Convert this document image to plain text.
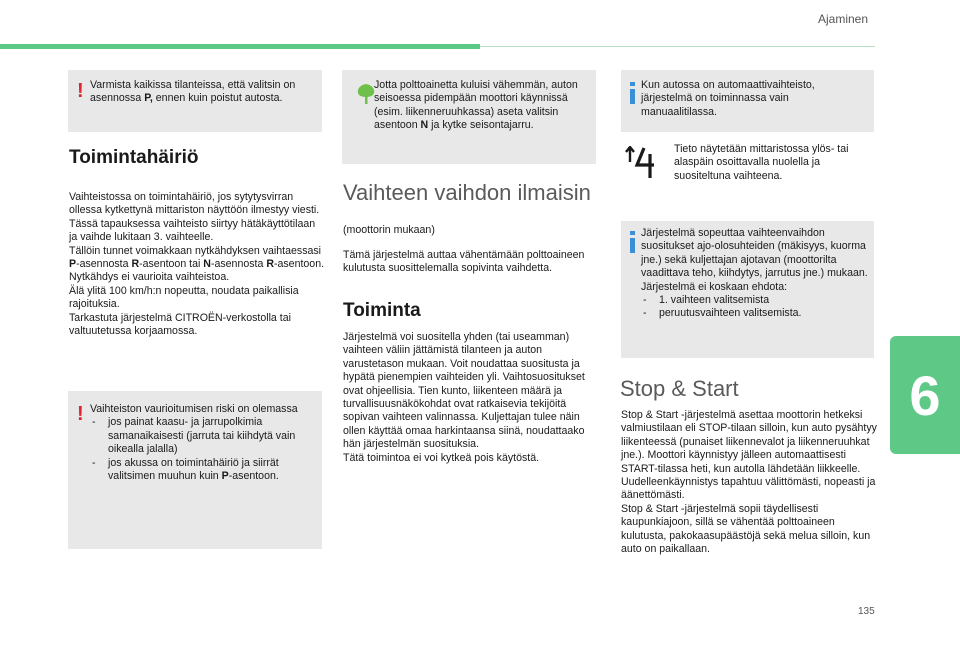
Ajaminen
6
135
! Varmista kaikissa tilanteissa, että valitsin on asennossa P, ennen kuin poistut autosta.
Toimintahäiriö
Vaihteistossa on toimintahäiriö, jos sytytysvirran ollessa kytkettynä mittariston näyttöön ilmestyy viesti.
Tässä tapauksessa vaihteisto siirtyy hätäkäyttötilaan ja vaihde lukitaan 3. vaihteelle.
Tällöin tunnet voimakkaan nytkähdyksen vaihtaessasi P-asennosta R-asentoon tai N-asennosta R-asentoon. Nytkähdys ei vaurioita vaihteistoa.
Älä ylitä 100 km/h:n nopeutta, noudata paikallisia rajoituksia.
Tarkastuta järjestelmä CITROËN-verkostolla tai valtuutetussa korjaamossa.
! Vaihteiston vaurioitumisen riski on olemassa
-	jos painat kaasu- ja jarrupolkimia samanaikaisesti (jarruta tai kiihdytä vain oikealla jalalla)
-	jos akussa on toimintahäiriö ja siirrät valitsimen muuhun kuin P-asentoon.
Jotta polttoainetta kuluisi vähemmän, auton seisoessa pidempään moottori käynnissä (esim. liikenneruuhkassa) aseta valitsin asentoon N ja kytke seisontajarru.
Vaihteen vaihdon ilmaisin
(moottorin mukaan)
Tämä järjestelmä auttaa vähentämään polttoaineen kulutusta suosittelemalla sopivinta vaihdetta.
Toiminta
Järjestelmä voi suositella yhden (tai useamman) vaihteen väliin jättämistä tilanteen ja auton varustetason mukaan. Voit noudattaa suositusta ja hypätä pienempien vaihteiden yli. Vaihtosuositukset ovat ohjeellisia. Tien kunto, liikenteen määrä ja turvallisuusnäkökohdat ovat ratkaisevia tekijöitä sopivan vaihteen valinnassa. Kuljettajan tulee näin ollen käyttää omaa harkintaansa siinä, noudattaako hän järjestelmän suosituksia.
Tätä toimintoa ei voi kytkeä pois käytöstä.
Kun autossa on automaattivaihteisto, järjestelmä on toiminnassa vain manuaalitilassa.
Tieto näytetään mittaristossa ylös- tai alaspäin osoittavalla nuolella ja suositeltuna vaihteena.
Järjestelmä sopeuttaa vaihteenvaihdon suositukset ajo-olosuhteiden (mäkisyys, kuorma jne.) sekä kuljettajan ajotavan (moottorilta vaadittava teho, kiihdytys, jarrutus jne.) mukaan.
Järjestelmä ei koskaan ehdota:
-	1. vaihteen valitsemista
-	peruutusvaihteen valitsemista.
Stop & Start
Stop & Start -järjestelmä asettaa moottorin hetkeksi valmiustilaan eli STOP-tilaan silloin, kun auto pysähtyy liikenteessä (punaiset liikennevalot ja liikenneruuhkat jne.). Moottori käynnistyy jälleen automaattisesti START-tilassa heti, kun autolla lähdetään liikkeelle. Uudelleenkäynnistys tapahtuu välittömästi, nopeasti ja äänettömästi.
Stop & Start -järjestelmä sopii täydellisesti kaupunkiajoon, sillä se vähentää polttoaineen kulutusta, pakokaasupäästöjä sekä melua silloin, kun auto on paikallaan.
